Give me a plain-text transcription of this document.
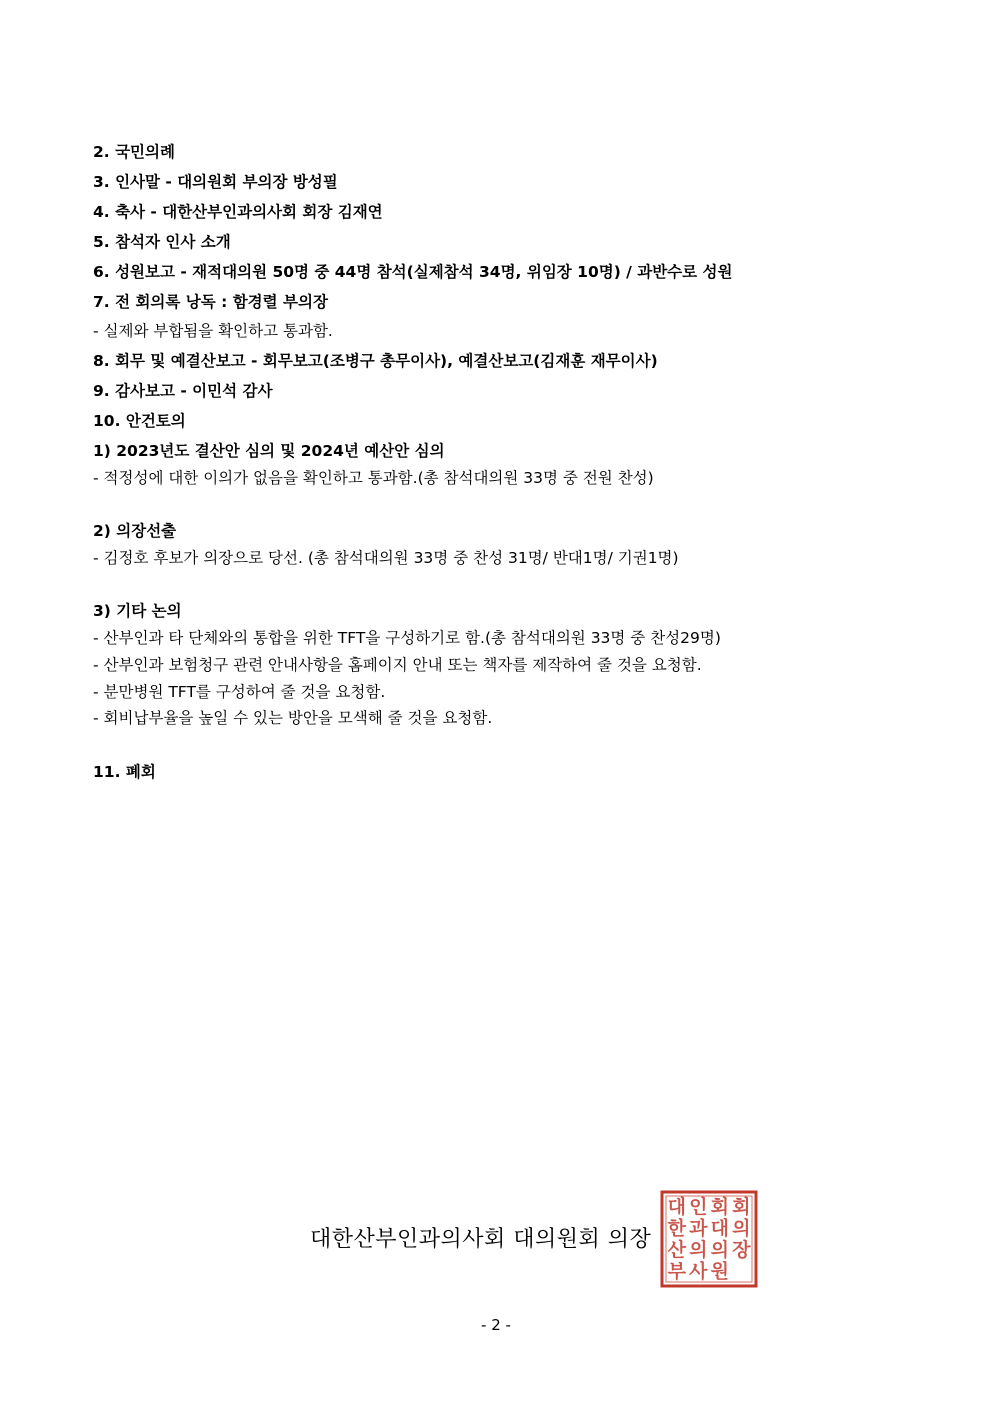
2. 국민의례
3. 인사말 - 대의원회 부의장 방성필
4. 축사 - 대한산부인과의사회 회장 김재연
5. 참석자 인사 소개
6. 성원보고 - 재적대의원 50명 중 44명 참석(실제참석 34명, 위임장 10명) / 과반수로 성원
7. 전 회의록 낭독 : 함경렬 부의장
- 실제와 부합됨을 확인하고 통과함.
8. 회무 및 예결산보고 - 회무보고(조병구 총무이사), 예결산보고(김재훈 재무이사)
9. 감사보고 - 이민석 감사
10. 안건토의
1) 2023년도 결산안 심의 및 2024년 예산안 심의
- 적정성에 대한 이의가 없음을 확인하고 통과함.(총 참석대의원 33명 중 전원 찬성)
2) 의장선출
- 김정호 후보가 의장으로 당선. (총 참석대의원 33명 중 찬성 31명/ 반대1명/ 기권1명)
3) 기타 논의
- 산부인과 타 단체와의 통합을 위한 TFT을 구성하기로 함.(총 참석대의원 33명 중 찬성29명)
- 산부인과 보험청구 관련 안내사항을 홈페이지 안내 또는 책자를 제작하여 줄 것을 요청함.
- 분만병원 TFT를 구성하여 줄 것을 요청함.
- 회비납부율을 높일 수 있는 방안을 모색해 줄 것을 요청함.
11. 폐회
대
한
산
부
인
과
의
사
회
대
의
원
회
의
장
대한산부인과의사회 대의원회 의장
- 2 -
